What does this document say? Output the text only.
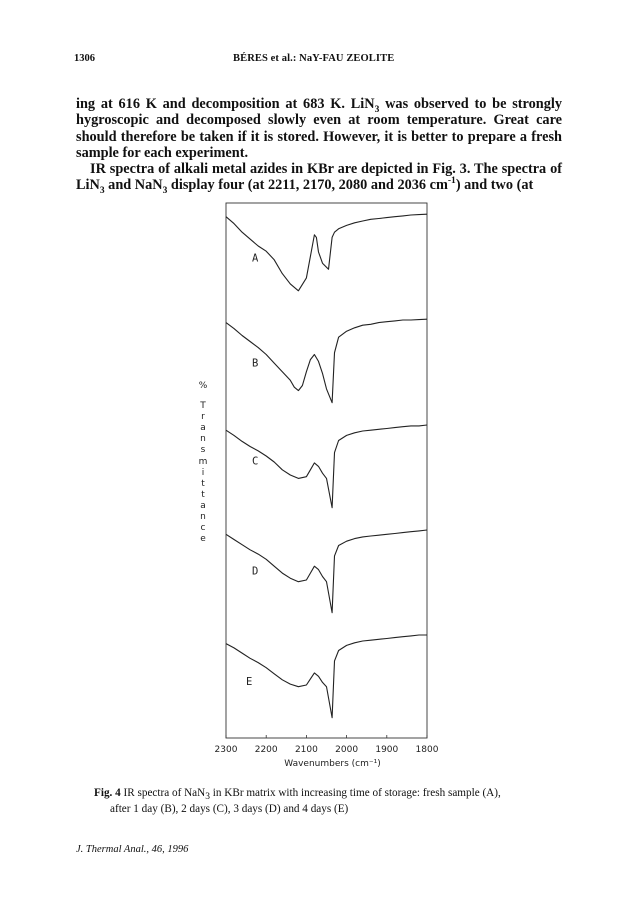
1306	BÉRES et al.: NaY-FAU ZEOLITE

ing at 616 K and decomposition at 683 K. LiN$_3$ was observed to be strongly hygroscopic and decomposed slowly even at room temperature. Great care should therefore be taken if it is stored. However, it is better to prepare a fresh sample for each experiment.

IR spectra of alkali metal azides in KBr are depicted in Fig. 3. The spectra of LiN$_3$ and NaN$_3$ display four (at 2211, 2170, 2080 and 2036 $cm^{-1}$) and two (at

%
T
r
a
n
s
m
i
t
t
a
n
c
e
A
B
C
D
E
2300 2200 2100 2000 1900 1800
Wavenumbers (cm⁻¹)
Fig. 4 IR spectra of NaN$_3$ in KBr matrix with increasing time of storage: fresh sample (A),
after 1 day (B), 2 days (C), 3 days (D) and 4 days (E)
J. Thermal Anal., 46, 1996
